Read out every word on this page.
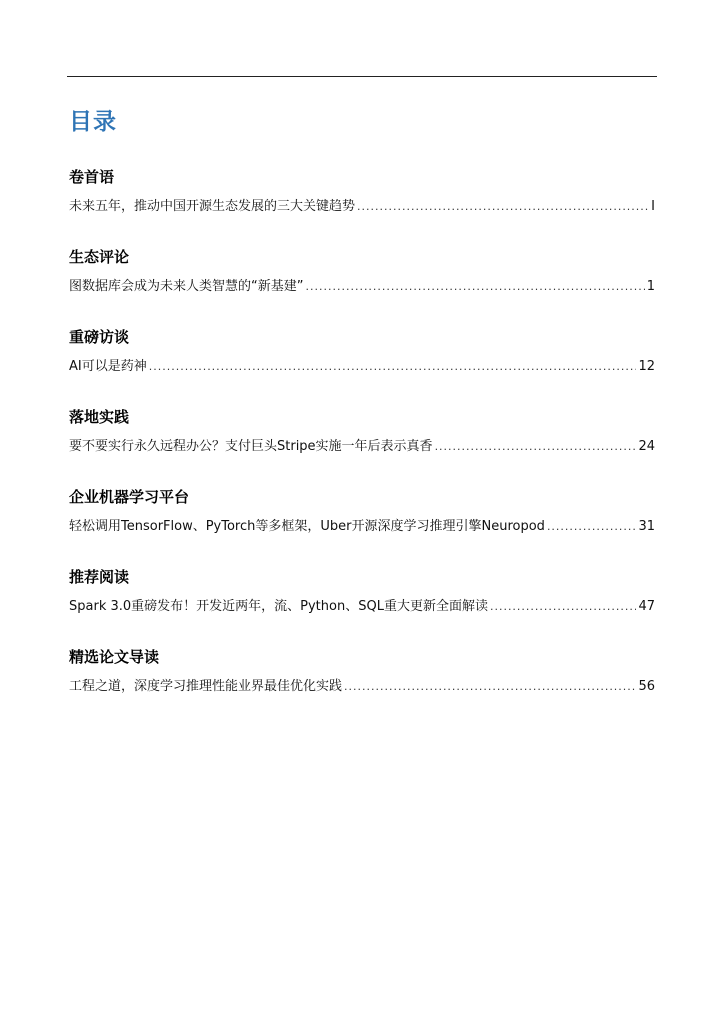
目录
卷首语
未来五年，推动中国开源生态发展的三大关键趋势 .....	I
生态评论
图数据库会成为未来人类智慧的“新基建” .....	1
重磅访谈
AI可以是药神 .....	12
落地实践
要不要实行永久远程办公？支付巨头Stripe实施一年后表示真香 .....	24
企业机器学习平台
轻松调用TensorFlow、PyTorch等多框架，Uber开源深度学习推理引擎Neuropod .....	31
推荐阅读
Spark 3.0重磅发布！开发近两年，流、Python、SQL重大更新全面解读 .....	47
精选论文导读
工程之道，深度学习推理性能业界最佳优化实践 .....	56
